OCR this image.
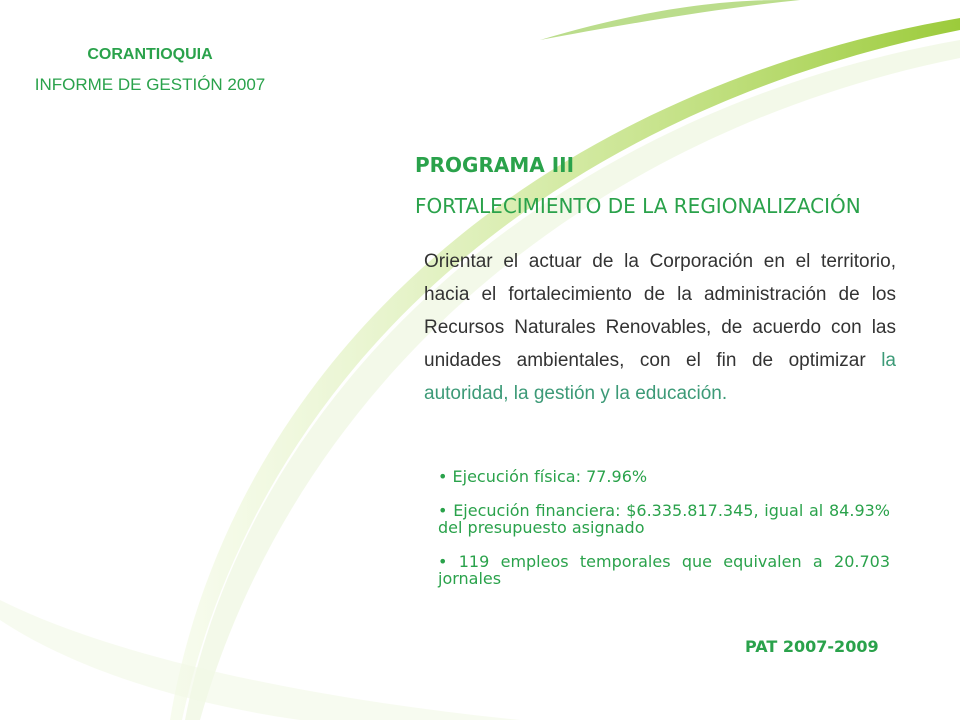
CORANTIOQUIA
INFORME DE GESTIÓN 2007
PROGRAMA III
FORTALECIMIENTO DE LA REGIONALIZACIÓN

Orientar el actuar de la Corporación en el territorio, hacia el fortalecimiento de la administración de los Recursos Naturales Renovables, de acuerdo con las unidades ambientales, con el fin de optimizar la autoridad, la gestión y la educación.

• Ejecución física: 77.96%
• Ejecución financiera: $6.335.817.345, igual al 84.93% del presupuesto asignado
• 119 empleos temporales que equivalen a 20.703 jornales
PAT 2007-2009
